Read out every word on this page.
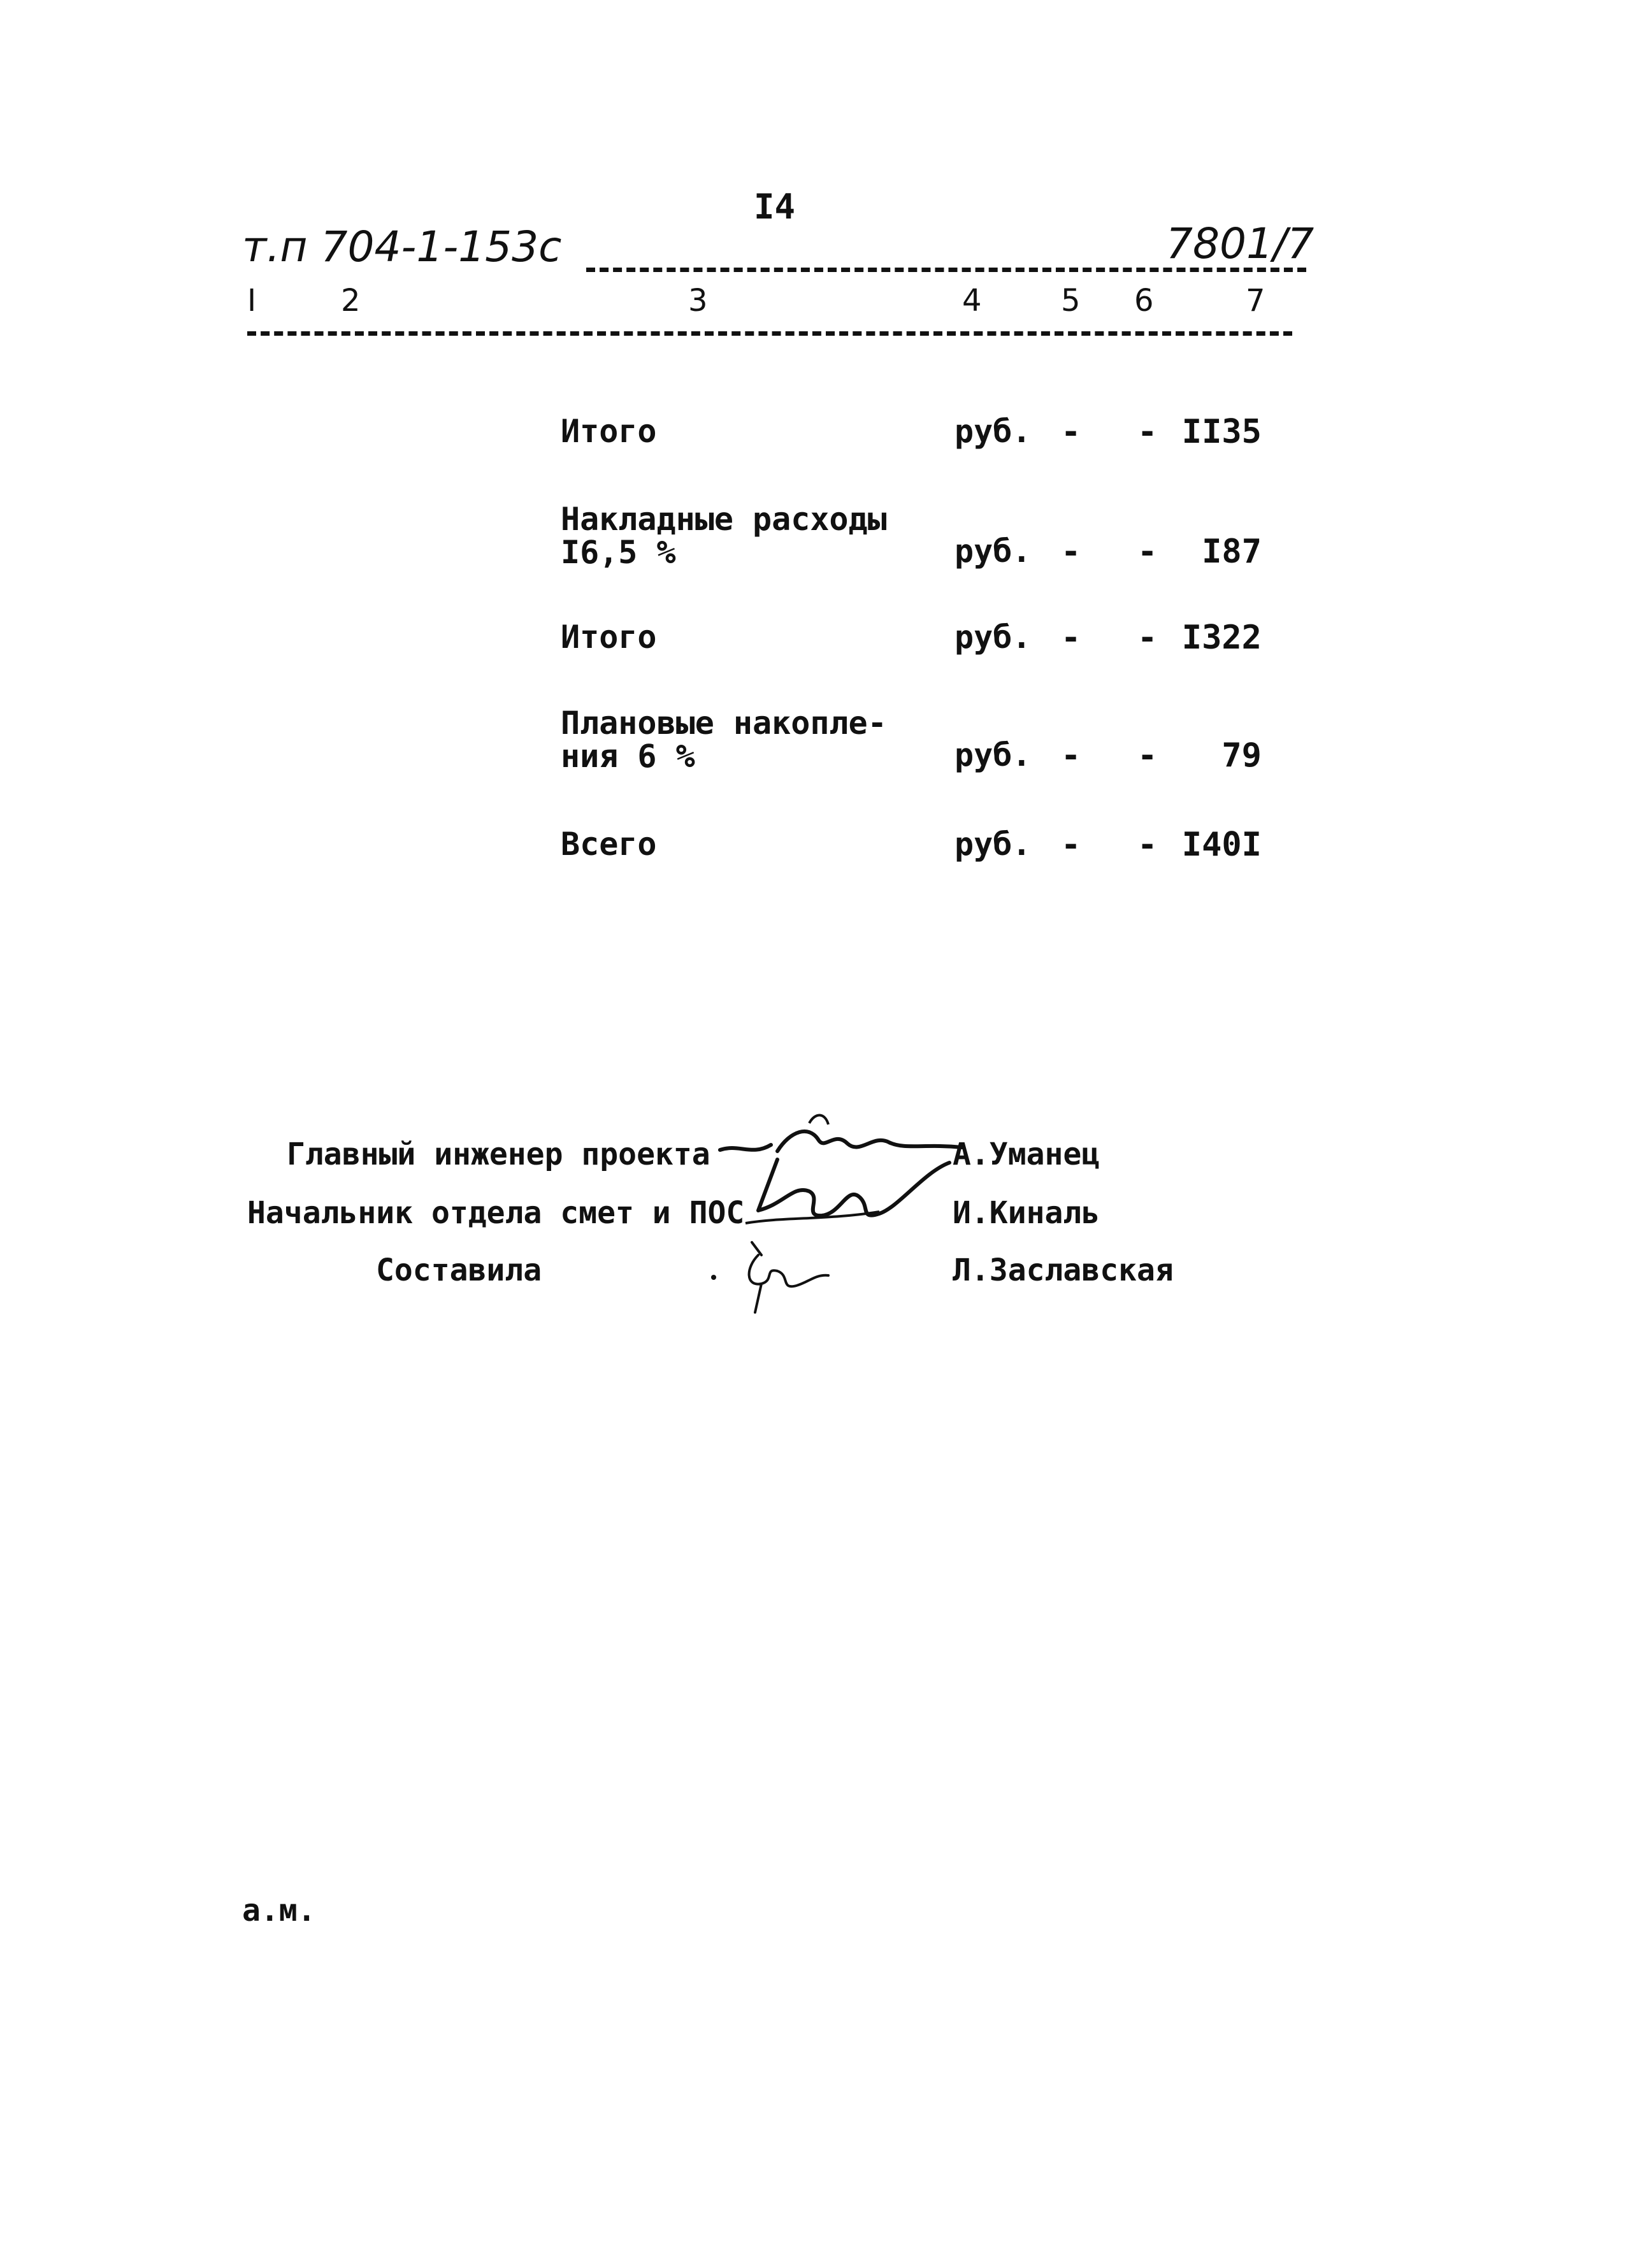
I4
т.п 704-1-153с	7801/7
I	2	3	4	5 6	7
Итого	руб. - - II35
Накладные расходы
I6,5 %	руб. - -	I87
Итого	руб. - - I322
Плановые накопле-
ния 6 %	руб. - -	79
Всего	руб. - - I40I
Главный инженер проекта	А.Уманец
Начальник отдела смет и ПОС	И.Киналь
Составила	Л.Заславская
а.м.
